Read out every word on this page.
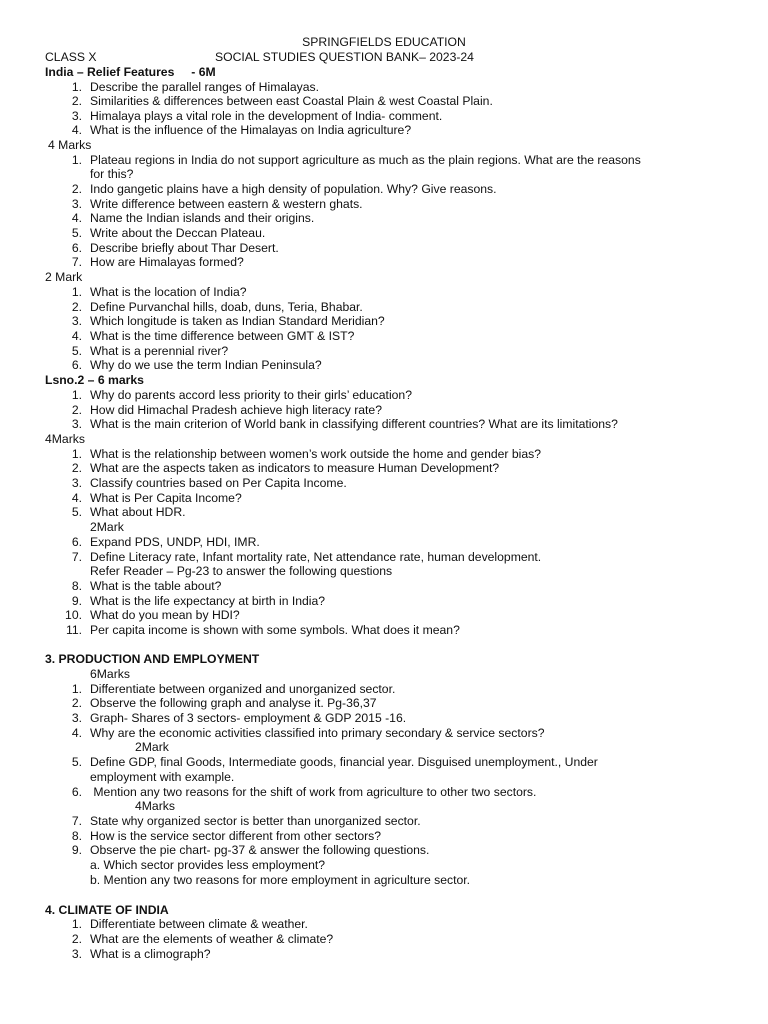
SPRINGFIELDS EDUCATION
CLASS X	SOCIAL STUDIES QUESTION BANK– 2023-24
India – Relief Features     - 6M
1. Describe the parallel ranges of Himalayas.
2. Similarities & differences between east Coastal Plain & west Coastal Plain.
3. Himalaya plays a vital role in the development of India- comment.
4. What is the influence of the Himalayas on India agriculture?
4 Marks
1. Plateau regions in India do not support agriculture as much as the plain regions. What are the reasons
for this?
2. Indo gangetic plains have a high density of population. Why? Give reasons.
3. Write difference between eastern & western ghats.
4. Name the Indian islands and their origins.
5. Write about the Deccan Plateau.
6. Describe briefly about Thar Desert.
7. How are Himalayas formed?
2 Mark
1. What is the location of India?
2. Define Purvanchal hills, doab, duns, Teria, Bhabar.
3. Which longitude is taken as Indian Standard Meridian?
4. What is the time difference between GMT & IST?
5. What is a perennial river?
6. Why do we use the term Indian Peninsula?
Lsno.2 – 6 marks
1. Why do parents accord less priority to their girls’ education?
2. How did Himachal Pradesh achieve high literacy rate?
3. What is the main criterion of World bank in classifying different countries? What are its limitations?
4Marks
1. What is the relationship between women’s work outside the home and gender bias?
2. What are the aspects taken as indicators to measure Human Development?
3. Classify countries based on Per Capita Income.
4. What is Per Capita Income?
5. What about HDR.
2Mark
6. Expand PDS, UNDP, HDI, IMR.
7. Define Literacy rate, Infant mortality rate, Net attendance rate, human development.
Refer Reader – Pg-23 to answer the following questions
8. What is the table about?
9. What is the life expectancy at birth in India?
10. What do you mean by HDI?
11. Per capita income is shown with some symbols. What does it mean?
3. PRODUCTION AND EMPLOYMENT
6Marks
1. Differentiate between organized and unorganized sector.
2. Observe the following graph and analyse it. Pg-36,37
3. Graph- Shares of 3 sectors- employment & GDP 2015 -16.
4. Why are the economic activities classified into primary secondary & service sectors?
2Mark
5. Define GDP, final Goods, Intermediate goods, financial year. Disguised unemployment., Under
employment with example.
6. Mention any two reasons for the shift of work from agriculture to other two sectors.
4Marks
7. State why organized sector is better than unorganized sector.
8. How is the service sector different from other sectors?
9. Observe the pie chart- pg-37 & answer the following questions.
a. Which sector provides less employment?
b. Mention any two reasons for more employment in agriculture sector.
4. CLIMATE OF INDIA
1. Differentiate between climate & weather.
2. What are the elements of weather & climate?
3. What is a climograph?
